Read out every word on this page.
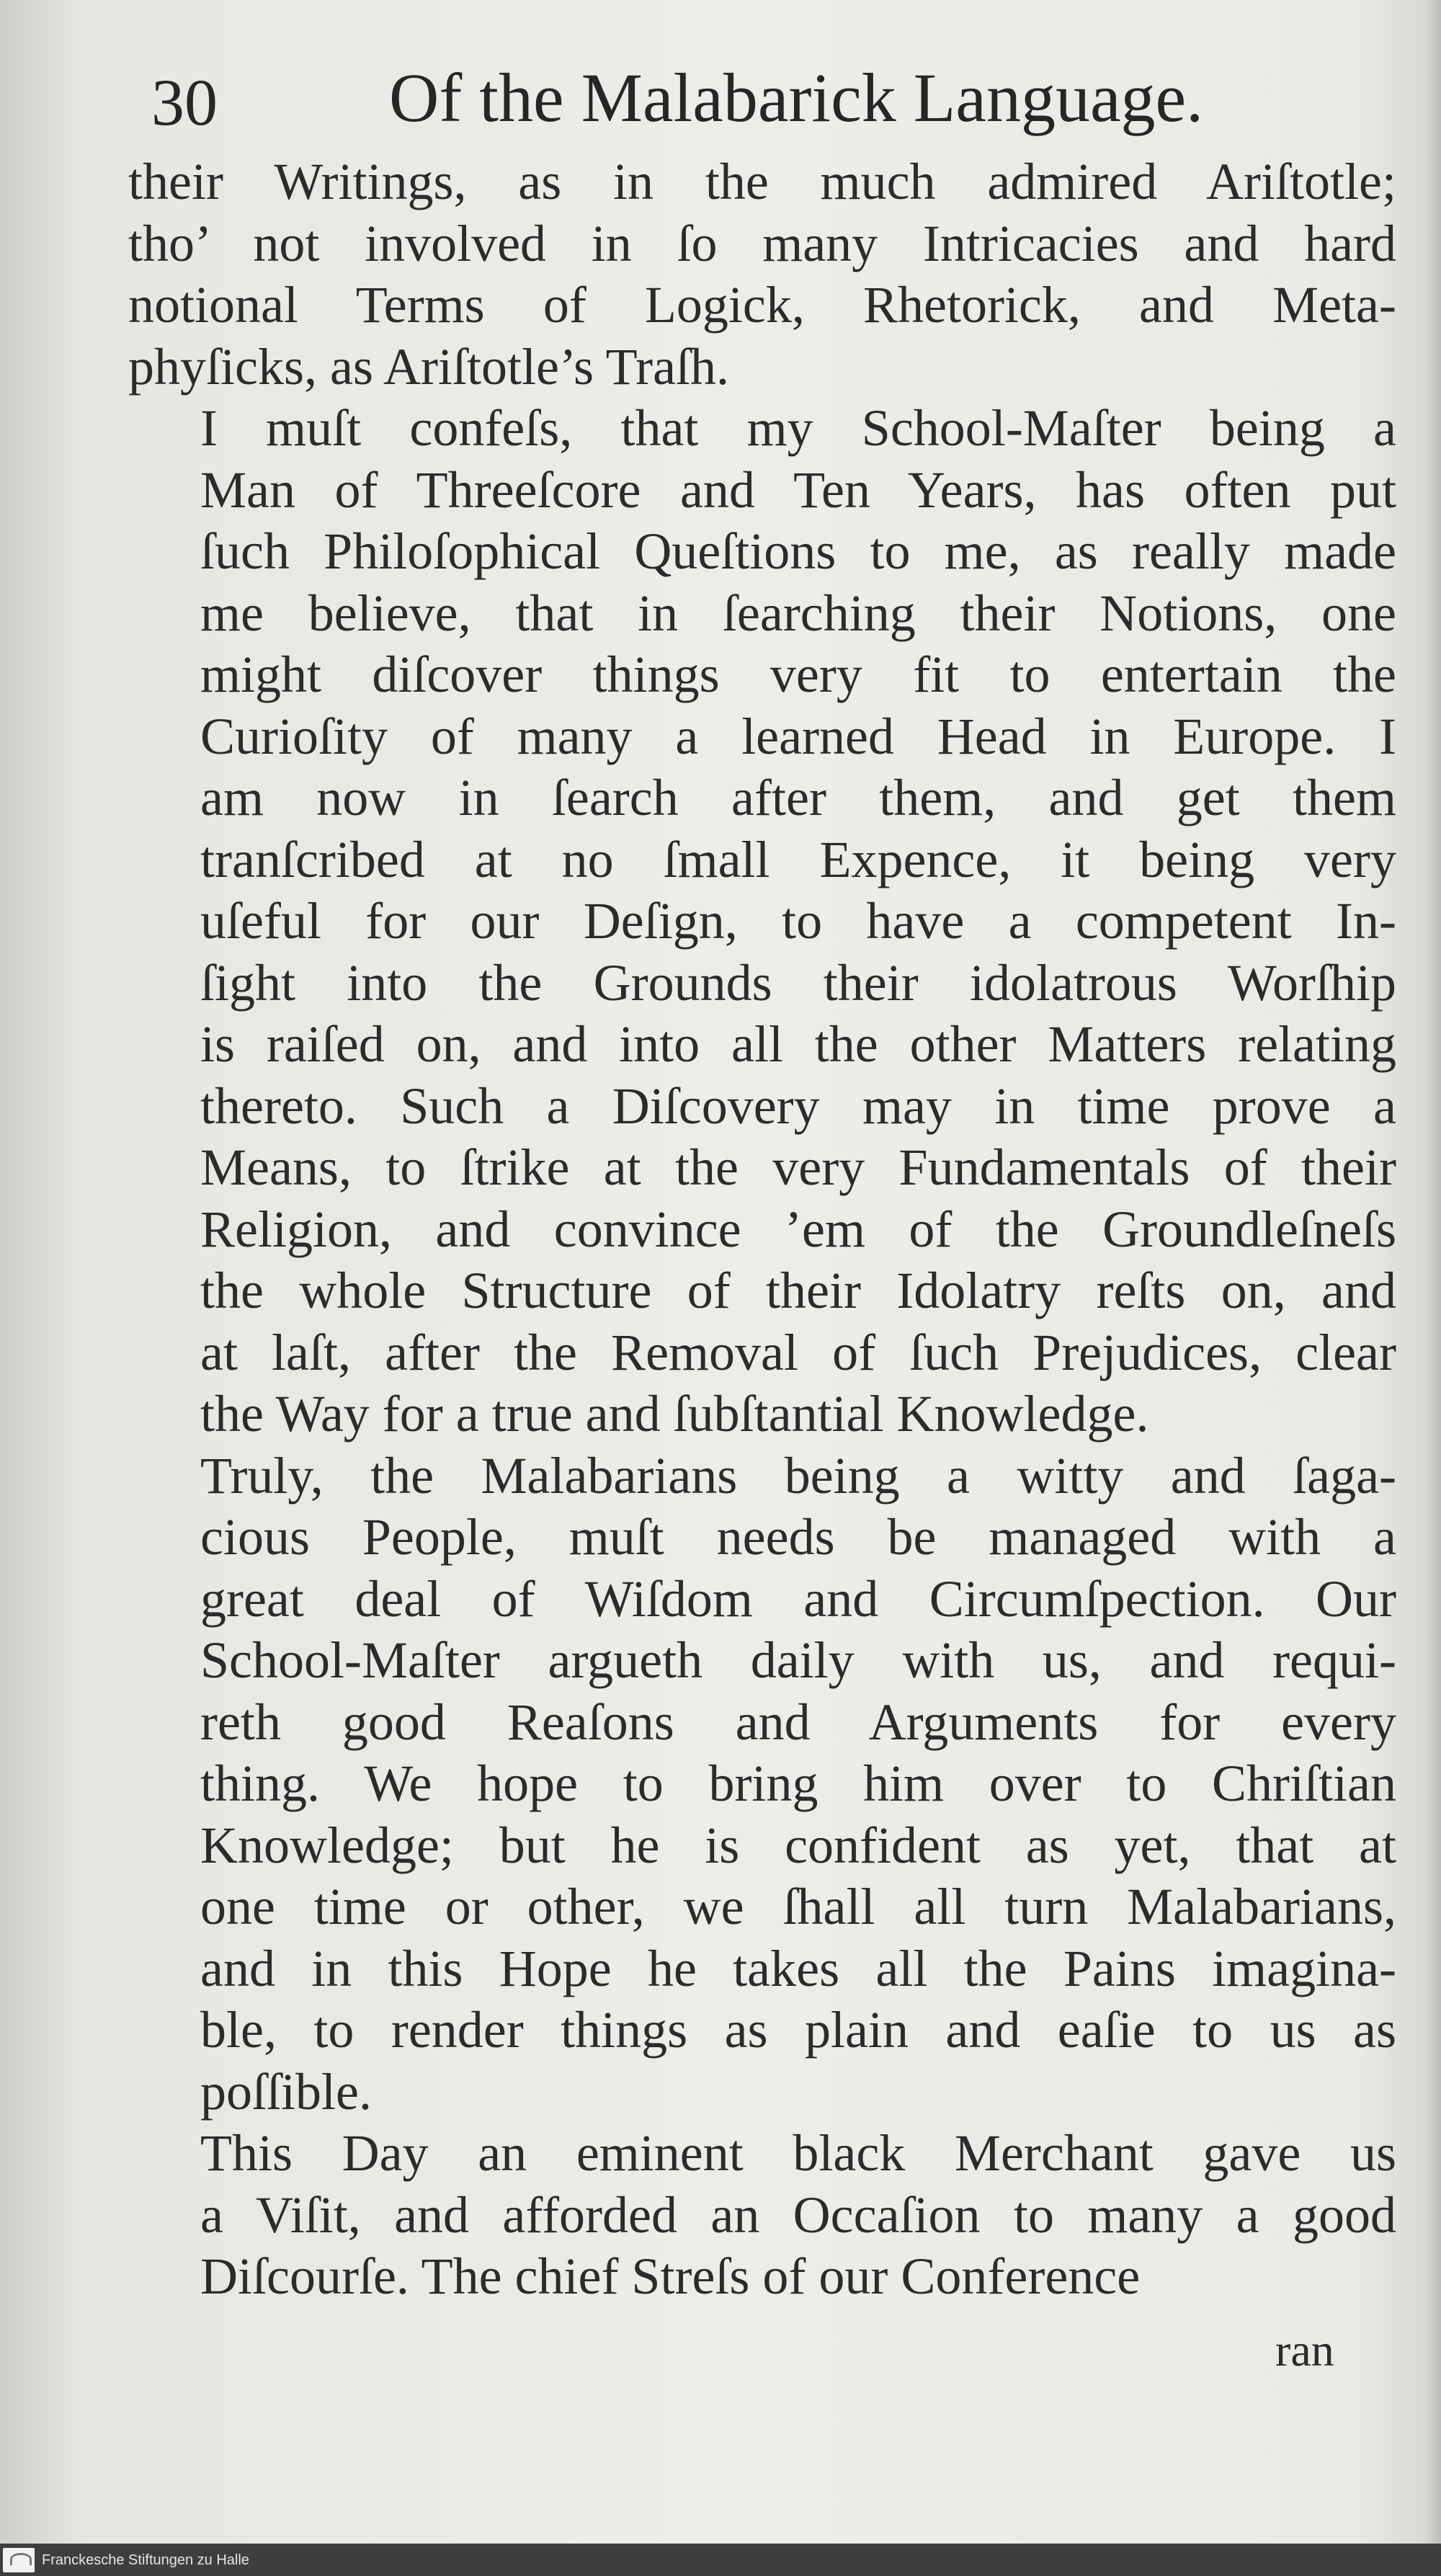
30 Of the Malabarick Language.
their Writings, as in the much admired Ariſtotle;
tho’ not involved in ſo many Intricacies and hard
notional Terms of Logick, Rhetorick, and Meta-
phyſicks, as Ariſtotle’s Traſh.
I muſt confeſs, that my School-Maſter being a
Man of Threeſcore and Ten Years, has often put
ſuch Philoſophical Queſtions to me, as really made
me believe, that in ſearching their Notions, one
might diſcover things very fit to entertain the
Curioſity of many a learned Head in Europe. I
am now in ſearch after them, and get them
tranſcribed at no ſmall Expence, it being very
uſeful for our Deſign, to have a competent In-
ſight into the Grounds their idolatrous Worſhip
is raiſed on, and into all the other Matters relating
thereto. Such a Diſcovery may in time prove a
Means, to ſtrike at the very Fundamentals of their
Religion, and convince ’em of the Groundleſneſs
the whole Structure of their Idolatry reſts on, and
at laſt, after the Removal of ſuch Prejudices, clear
the Way for a true and ſubſtantial Knowledge.
Truly, the Malabarians being a witty and ſaga-
cious People, muſt needs be managed with a
great deal of Wiſdom and Circumſpection. Our
School-Maſter argueth daily with us, and requi-
reth good Reaſons and Arguments for every
thing. We hope to bring him over to Chriſtian
Knowledge; but he is confident as yet, that at
one time or other, we ſhall all turn Malabarians,
and in this Hope he takes all the Pains imagina-
ble, to render things as plain and eaſie to us as
poſſible.
This Day an eminent black Merchant gave us
a Viſit, and afforded an Occaſion to many a good
Diſcourſe. The chief Streſs of our Conference
ran
Franckesche Stiftungen zu Halle
